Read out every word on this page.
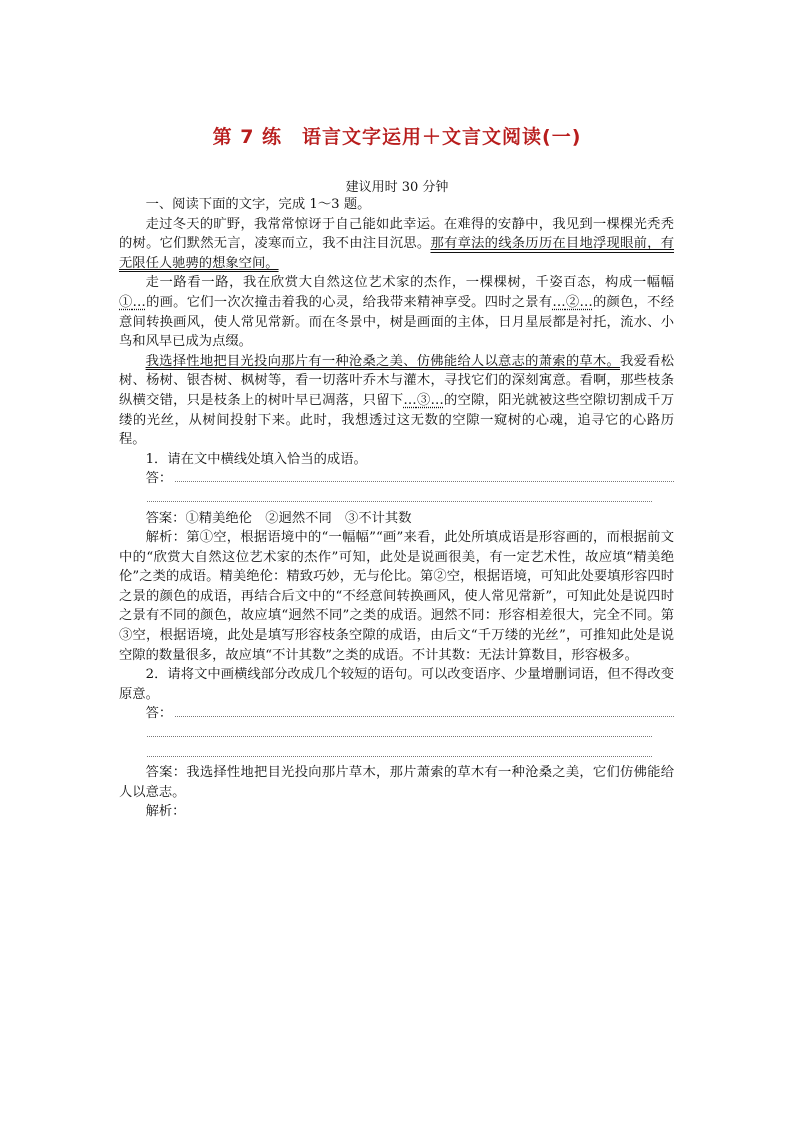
第 7 练　语言文字运用＋文言文阅读(一)
建议用时 30 分钟

一、阅读下面的文字，完成 1～3 题。

走过冬天的旷野，我常常惊讶于自己能如此幸运。在难得的安静中，我见到一棵棵光秃秃的树。它们默然无言，凌寒而立，我不由注目沉思。那有章法的线条历历在目地浮现眼前，有无限任人驰骋的想象空间。

走一路看一路，我在欣赏大自然这位艺术家的杰作，一棵棵树，千姿百态，构成一幅幅①…的画。它们一次次撞击着我的心灵，给我带来精神享受。四时之景有…②…的颜色，不经意间转换画风，使人常见常新。而在冬景中，树是画面的主体，日月星辰都是衬托，流水、小鸟和风早已成为点缀。

我选择性地把目光投向那片有一种沧桑之美、仿佛能给人以意志的萧索的草木。我爱看松树、杨树、银杏树、枫树等，看一切落叶乔木与灌木，寻找它们的深刻寓意。看啊，那些枝条纵横交错，只是枝条上的树叶早已凋落，只留下…③…的空隙，阳光就被这些空隙切割成千万缕的光丝，从树间投射下来。此时，我想透过这无数的空隙一窥树的心魂，追寻它的心路历程。

1．请在文中横线处填入恰当的成语。

答：

答案：①精美绝伦　②迥然不同　③不计其数

解析：第①空，根据语境中的“一幅幅”“画”来看，此处所填成语是形容画的，而根据前文中的“欣赏大自然这位艺术家的杰作”可知，此处是说画很美，有一定艺术性，故应填“精美绝伦”之类的成语。精美绝伦：精致巧妙，无与伦比。第②空，根据语境，可知此处要填形容四时之景的颜色的成语，再结合后文中的“不经意间转换画风，使人常见常新”，可知此处是说四时之景有不同的颜色，故应填“迥然不同”之类的成语。迥然不同：形容相差很大，完全不同。第③空，根据语境，此处是填写形容枝条空隙的成语，由后文“千万缕的光丝”，可推知此处是说空隙的数量很多，故应填“不计其数”之类的成语。不计其数：无法计算数目，形容极多。

2．请将文中画横线部分改成几个较短的语句。可以改变语序、少量增删词语，但不得改变原意。

答：

答案：我选择性地把目光投向那片草木，那片萧索的草木有一种沧桑之美，它们仿佛能给人以意志。

解析：
